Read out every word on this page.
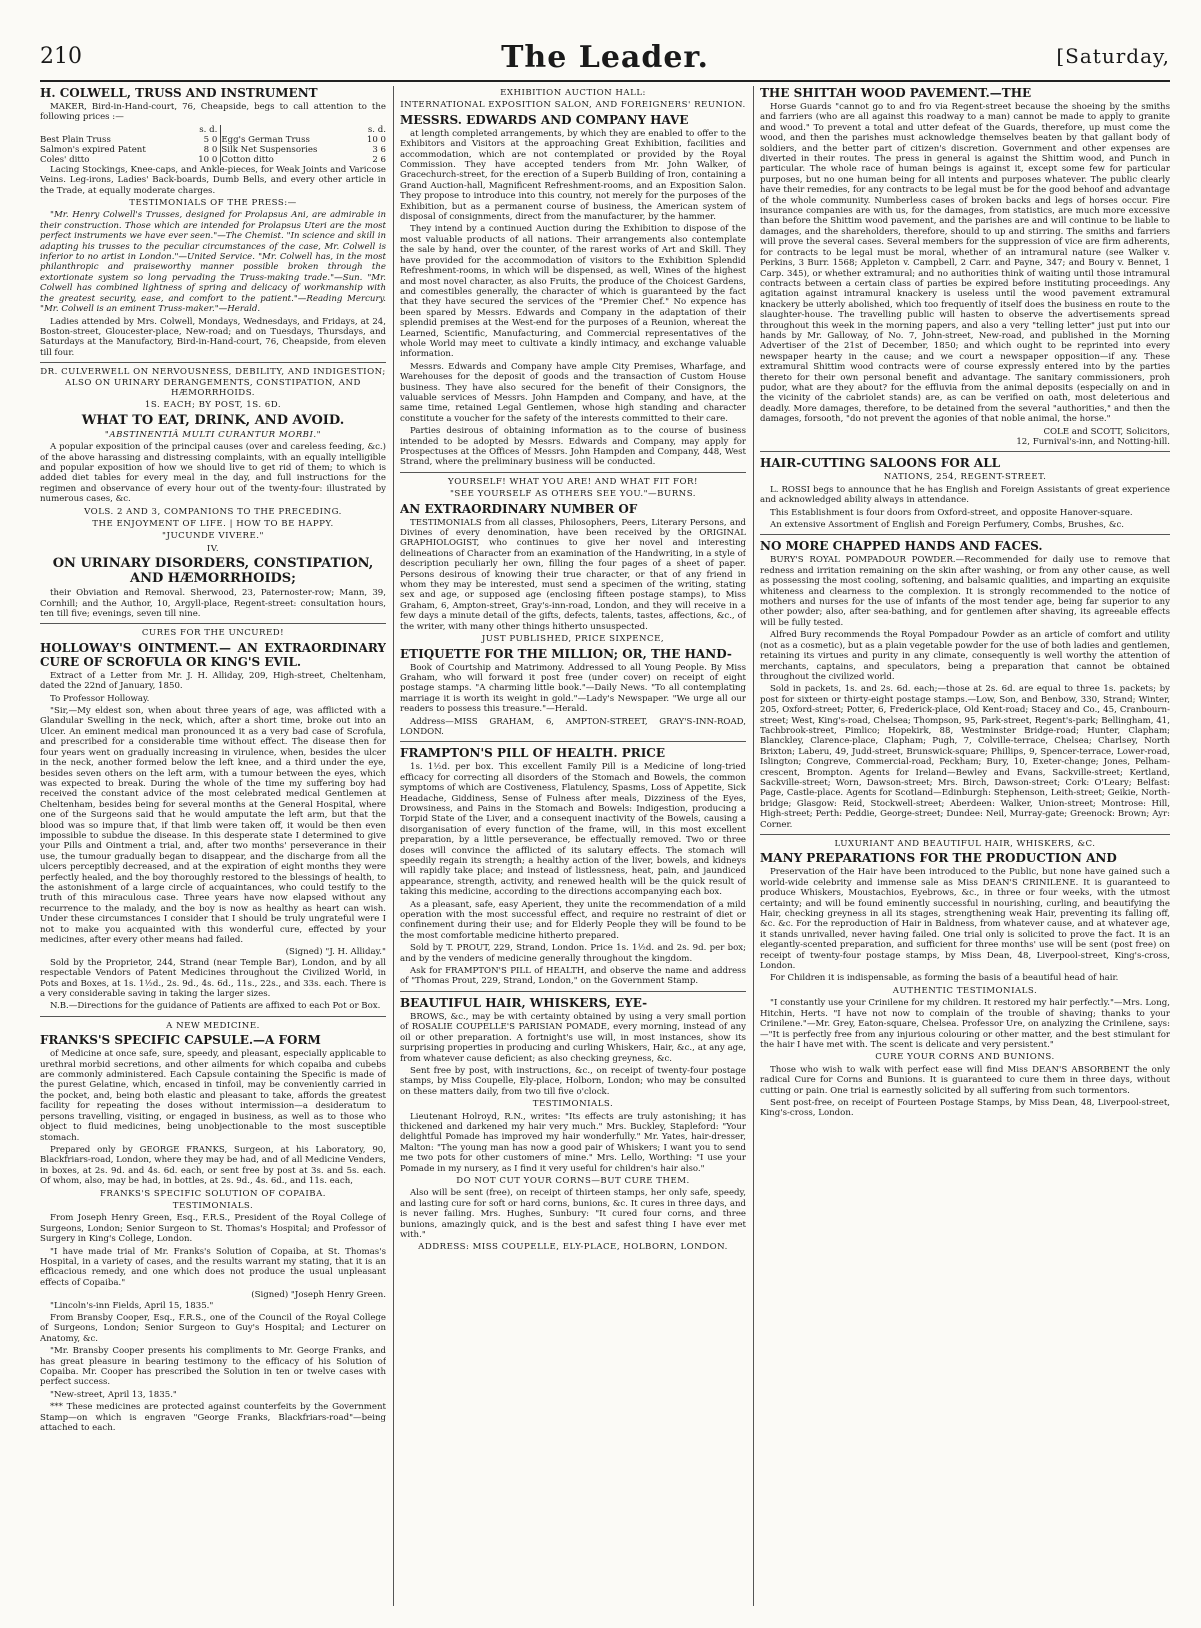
210	The Leader.	[Saturday,
H. COLWELL, TRUSS AND INSTRUMENT

MAKER, Bird-in-Hand-court, 76, Cheapside, begs to call attention to the following prices :—

	s. d.		s. d.
Best Plain Truss	5 0	Egg's German Truss	10 0
Salmon's expired Patent	8 0	Silk Net Suspensories	3 6
Coles' ditto	10 0	Cotton ditto	2 6

Lacing Stockings, Knee-caps, and Ankle-pieces, for Weak Joints and Varicose Veins. Leg-irons, Ladies' Back-boards, Dumb Bells, and every other article in the Trade, at equally moderate charges.

TESTIMONIALS OF THE PRESS:—

"Mr. Henry Colwell's Trusses, designed for Prolapsus Ani, are admirable in their construction. Those which are intended for Prolapsus Uteri are the most perfect instruments we have ever seen."—The Chemist. "In science and skill in adapting his trusses to the peculiar circumstances of the case, Mr. Colwell is inferior to no artist in London."—United Service. "Mr. Colwell has, in the most philanthropic and praiseworthy manner possible broken through the extortionate system so long pervading the Truss-making trade."—Sun. "Mr. Colwell has combined lightness of spring and delicacy of workmanship with the greatest security, ease, and comfort to the patient."—Reading Mercury. "Mr. Colwell is an eminent Truss-maker."—Herald.

Ladies attended by Mrs. Colwell, Mondays, Wednesdays, and Fridays, at 24, Boston-street, Gloucester-place, New-road; and on Tuesdays, Thursdays, and Saturdays at the Manufactory, Bird-in-Hand-court, 76, Cheapside, from eleven till four.

DR. CULVERWELL ON NERVOUSNESS, DEBILITY, AND INDIGESTION; ALSO ON URINARY DERANGEMENTS, CONSTIPATION, AND HÆMORRHOIDS.
1S. EACH; BY POST, 1S. 6D.
WHAT TO EAT, DRINK, AND AVOID.
"ABSTINENTIÂ MULTI CURANTUR MORBI."

A popular exposition of the principal causes (over and careless feeding, &c.) of the above harassing and distressing complaints, with an equally intelligible and popular exposition of how we should live to get rid of them; to which is added diet tables for every meal in the day, and full instructions for the regimen and observance of every hour out of the twenty-four: illustrated by numerous cases, &c.

VOLS. 2 AND 3, COMPANIONS TO THE PRECEDING.
THE ENJOYMENT OF LIFE. | HOW TO BE HAPPY.
"JUCUNDE VIVERE."
IV.
ON URINARY DISORDERS, CONSTIPATION, AND HÆMORRHOIDS;

their Obviation and Removal. Sherwood, 23, Paternoster-row; Mann, 39, Cornhill; and the Author, 10, Argyll-place, Regent-street: consultation hours, ten till five; evenings, seven till nine.

CURES FOR THE UNCURED!
HOLLOWAY'S OINTMENT.— AN EXTRAORDINARY CURE OF SCROFULA OR KING'S EVIL.

Extract of a Letter from Mr. J. H. Alliday, 209, High-street, Cheltenham, dated the 22nd of January, 1850.

To Professor Holloway.

"Sir,—My eldest son, when about three years of age, was afflicted with a Glandular Swelling in the neck, which, after a short time, broke out into an Ulcer. An eminent medical man pronounced it as a very bad case of Scrofula, and prescribed for a considerable time without effect. The disease then for four years went on gradually increasing in virulence, when, besides the ulcer in the neck, another formed below the left knee, and a third under the eye, besides seven others on the left arm, with a tumour between the eyes, which was expected to break. During the whole of the time my suffering boy had received the constant advice of the most celebrated medical Gentlemen at Cheltenham, besides being for several months at the General Hospital, where one of the Surgeons said that he would amputate the left arm, but that the blood was so impure that, if that limb were taken off, it would be then even impossible to subdue the disease. In this desperate state I determined to give your Pills and Ointment a trial, and, after two months' perseverance in their use, the tumour gradually began to disappear, and the discharge from all the ulcers perceptibly decreased, and at the expiration of eight months they were perfectly healed, and the boy thoroughly restored to the blessings of health, to the astonishment of a large circle of acquaintances, who could testify to the truth of this miraculous case. Three years have now elapsed without any recurrence to the malady, and the boy is now as healthy as heart can wish. Under these circumstances I consider that I should be truly ungrateful were I not to make you acquainted with this wonderful cure, effected by your medicines, after every other means had failed.

(Signed) "J. H. Alliday."

Sold by the Proprietor, 244, Strand (near Temple Bar), London, and by all respectable Vendors of Patent Medicines throughout the Civilized World, in Pots and Boxes, at 1s. 1½d., 2s. 9d., 4s. 6d., 11s., 22s., and 33s. each. There is a very considerable saving in taking the larger sizes.

N.B.—Directions for the guidance of Patients are affixed to each Pot or Box.

A NEW MEDICINE.
FRANKS'S SPECIFIC CAPSULE.—A FORM

of Medicine at once safe, sure, speedy, and pleasant, especially applicable to urethral morbid secretions, and other ailments for which copaiba and cubebs are commonly administered. Each Capsule containing the Specific is made of the purest Gelatine, which, encased in tinfoil, may be conveniently carried in the pocket, and, being both elastic and pleasant to take, affords the greatest facility for repeating the doses without intermission—a desideratum to persons travelling, visiting, or engaged in business, as well as to those who object to fluid medicines, being unobjectionable to the most susceptible stomach.

Prepared only by GEORGE FRANKS, Surgeon, at his Laboratory, 90, Blackfriars-road, London, where they may be had, and of all Medicine Venders, in boxes, at 2s. 9d. and 4s. 6d. each, or sent free by post at 3s. and 5s. each. Of whom, also, may be had, in bottles, at 2s. 9d., 4s. 6d., and 11s. each,

FRANKS'S SPECIFIC SOLUTION OF COPAIBA.
TESTIMONIALS.

From Joseph Henry Green, Esq., F.R.S., President of the Royal College of Surgeons, London; Senior Surgeon to St. Thomas's Hospital; and Professor of Surgery in King's College, London.

"I have made trial of Mr. Franks's Solution of Copaiba, at St. Thomas's Hospital, in a variety of cases, and the results warrant my stating, that it is an efficacious remedy, and one which does not produce the usual unpleasant effects of Copaiba."

(Signed) "Joseph Henry Green.

"Lincoln's-inn Fields, April 15, 1835."

From Bransby Cooper, Esq., F.R.S., one of the Council of the Royal College of Surgeons, London; Senior Surgeon to Guy's Hospital; and Lecturer on Anatomy, &c.

"Mr. Bransby Cooper presents his compliments to Mr. George Franks, and has great pleasure in bearing testimony to the efficacy of his Solution of Copaiba. Mr. Cooper has prescribed the Solution in ten or twelve cases with perfect success.

"New-street, April 13, 1835."

*** These medicines are protected against counterfeits by the Government Stamp—on which is engraven "George Franks, Blackfriars-road"—being attached to each.

EXHIBITION AUCTION HALL:
INTERNATIONAL EXPOSITION SALON, AND FOREIGNERS' REUNION.
MESSRS. EDWARDS AND COMPANY HAVE

at length completed arrangements, by which they are enabled to offer to the Exhibitors and Visitors at the approaching Great Exhibition, facilities and accommodation, which are not contemplated or provided by the Royal Commission. They have accepted tenders from Mr. John Walker, of Gracechurch-street, for the erection of a Superb Building of Iron, containing a Grand Auction-hall, Magnificent Refreshment-rooms, and an Exposition Salon. They propose to introduce into this country, not merely for the purposes of the Exhibition, but as a permanent course of business, the American system of disposal of consignments, direct from the manufacturer, by the hammer.

They intend by a continued Auction during the Exhibition to dispose of the most valuable products of all nations. Their arrangements also contemplate the sale by hand, over the counter, of the rarest works of Art and Skill. They have provided for the accommodation of visitors to the Exhibition Splendid Refreshment-rooms, in which will be dispensed, as well, Wines of the highest and most novel character, as also Fruits, the produce of the Choicest Gardens, and comestibles generally, the character of which is guaranteed by the fact that they have secured the services of the "Premier Chef." No expence has been spared by Messrs. Edwards and Company in the adaptation of their splendid premises at the West-end for the purposes of a Reunion, whereat the Learned, Scientific, Manufacturing, and Commercial representatives of the whole World may meet to cultivate a kindly intimacy, and exchange valuable information.

Messrs. Edwards and Company have ample City Premises, Wharfage, and Warehouses for the deposit of goods and the transaction of Custom House business. They have also secured for the benefit of their Consignors, the valuable services of Messrs. John Hampden and Company, and have, at the same time, retained Legal Gentlemen, whose high standing and character constitute a voucher for the safety of the interests committed to their care.

Parties desirous of obtaining information as to the course of business intended to be adopted by Messrs. Edwards and Company, may apply for Prospectuses at the Offices of Messrs. John Hampden and Company, 448, West Strand, where the preliminary business will be conducted.

YOURSELF! WHAT YOU ARE! AND WHAT FIT FOR!
"SEE YOURSELF AS OTHERS SEE YOU."—BURNS.
AN EXTRAORDINARY NUMBER OF

TESTIMONIALS from all classes, Philosophers, Peers, Literary Persons, and Divines of every denomination, have been received by the ORIGINAL GRAPHIOLOGIST, who continues to give her novel and interesting delineations of Character from an examination of the Handwriting, in a style of description peculiarly her own, filling the four pages of a sheet of paper. Persons desirous of knowing their true character, or that of any friend in whom they may be interested, must send a specimen of the writing, stating sex and age, or supposed age (enclosing fifteen postage stamps), to Miss Graham, 6, Ampton-street, Gray's-inn-road, London, and they will receive in a few days a minute detail of the gifts, defects, talents, tastes, affections, &c., of the writer, with many other things hitherto unsuspected.

JUST PUBLISHED, PRICE SIXPENCE,
ETIQUETTE FOR THE MILLION; OR, THE HAND-

Book of Courtship and Matrimony. Addressed to all Young People. By Miss Graham, who will forward it post free (under cover) on receipt of eight postage stamps. "A charming little book."—Daily News. "To all contemplating marriage it is worth its weight in gold."—Lady's Newspaper. "We urge all our readers to possess this treasure."—Herald.

Address—MISS GRAHAM, 6, AMPTON-STREET, GRAY'S-INN-ROAD, LONDON.

FRAMPTON'S PILL OF HEALTH. PRICE

1s. 1½d. per box. This excellent Family Pill is a Medicine of long-tried efficacy for correcting all disorders of the Stomach and Bowels, the common symptoms of which are Costiveness, Flatulency, Spasms, Loss of Appetite, Sick Headache, Giddiness, Sense of Fulness after meals, Dizziness of the Eyes, Drowsiness, and Pains in the Stomach and Bowels: Indigestion, producing a Torpid State of the Liver, and a consequent inactivity of the Bowels, causing a disorganisation of every function of the frame, will, in this most excellent preparation, by a little perseverance, be effectually removed. Two or three doses will convince the afflicted of its salutary effects. The stomach will speedily regain its strength; a healthy action of the liver, bowels, and kidneys will rapidly take place; and instead of listlessness, heat, pain, and jaundiced appearance, strength, activity, and renewed health will be the quick result of taking this medicine, according to the directions accompanying each box.

As a pleasant, safe, easy Aperient, they unite the recommendation of a mild operation with the most successful effect, and require no restraint of diet or confinement during their use; and for Elderly People they will be found to be the most comfortable medicine hitherto prepared.

Sold by T. PROUT, 229, Strand, London. Price 1s. 1½d. and 2s. 9d. per box; and by the venders of medicine generally throughout the kingdom.

Ask for FRAMPTON'S PILL of HEALTH, and observe the name and address of "Thomas Prout, 229, Strand, London," on the Government Stamp.

BEAUTIFUL HAIR, WHISKERS, EYE-

BROWS, &c., may be with certainty obtained by using a very small portion of ROSALIE COUPELLE'S PARISIAN POMADE, every morning, instead of any oil or other preparation. A fortnight's use will, in most instances, show its surprising properties in producing and curling Whiskers, Hair, &c., at any age, from whatever cause deficient; as also checking greyness, &c.

Sent free by post, with instructions, &c., on receipt of twenty-four postage stamps, by Miss Coupelle, Ely-place, Holborn, London; who may be consulted on these matters daily, from two till five o'clock.

TESTIMONIALS.

Lieutenant Holroyd, R.N., writes: "Its effects are truly astonishing; it has thickened and darkened my hair very much." Mrs. Buckley, Stapleford: "Your delightful Pomade has improved my hair wonderfully." Mr. Yates, hair-dresser, Malton: "The young man has now a good pair of Whiskers; I want you to send me two pots for other customers of mine." Mrs. Lello, Worthing: "I use your Pomade in my nursery, as I find it very useful for children's hair also."

DO NOT CUT YOUR CORNS—BUT CURE THEM.

Also will be sent (free), on receipt of thirteen stamps, her only safe, speedy, and lasting cure for soft or hard corns, bunions, &c. It cures in three days, and is never failing. Mrs. Hughes, Sunbury: "It cured four corns, and three bunions, amazingly quick, and is the best and safest thing I have ever met with."

ADDRESS: MISS COUPELLE, ELY-PLACE, HOLBORN, LONDON.
THE SHITTAH WOOD PAVEMENT.—THE

Horse Guards "cannot go to and fro via Regent-street because the shoeing by the smiths and farriers (who are all against this roadway to a man) cannot be made to apply to granite and wood." To prevent a total and utter defeat of the Guards, therefore, up must come the wood, and then the parishes must acknowledge themselves beaten by that gallant body of soldiers, and the better part of citizen's discretion. Government and other expenses are diverted in their routes. The press in general is against the Shittim wood, and Punch in particular. The whole race of human beings is against it, except some few for particular purposes, but no one human being for all intents and purposes whatever. The public clearly have their remedies, for any contracts to be legal must be for the good behoof and advantage of the whole community. Numberless cases of broken backs and legs of horses occur. Fire insurance companies are with us, for the damages, from statistics, are much more excessive than before the Shittim wood pavement, and the parishes are and will continue to be liable to damages, and the shareholders, therefore, should to up and stirring. The smiths and farriers will prove the several cases. Several members for the suppression of vice are firm adherents, for contracts to be legal must be moral, whether of an intramural nature (see Walker v. Perkins, 3 Burr. 1568; Appleton v. Campbell, 2 Carr. and Payne, 347; and Boury v. Bennet, 1 Carp. 345), or whether extramural; and no authorities think of waiting until those intramural contracts between a certain class of parties be expired before instituting proceedings. Any agitation against intramural knackery is useless until the wood pavement extramural knackery be utterly abolished, which too frequently of itself does the business en route to the slaughter-house. The travelling public will hasten to observe the advertisements spread throughout this week in the morning papers, and also a very "telling letter" just put into our hands by Mr. Galloway, of No. 7, John-street, New-road, and published in the Morning Advertiser of the 21st of December, 1850; and which ought to be reprinted into every newspaper hearty in the cause; and we court a newspaper opposition—if any. These extramural Shittim wood contracts were of course expressly entered into by the parties thereto for their own personal benefit and advantage. The sanitary commissioners, proh pudor, what are they about? for the effluvia from the animal deposits (especially on and in the vicinity of the cabriolet stands) are, as can be verified on oath, most deleterious and deadly. More damages, therefore, to be detained from the several "authorities," and then the damages, forsooth, "do not prevent the agonies of that noble animal, the horse."

COLE and SCOTT, Solicitors,
12, Furnival's-inn, and Notting-hill.
HAIR-CUTTING SALOONS FOR ALL
NATIONS, 254, REGENT-STREET.

L. ROSSI begs to announce that he has English and Foreign Assistants of great experience and acknowledged ability always in attendance.

This Establishment is four doors from Oxford-street, and opposite Hanover-square.

An extensive Assortment of English and Foreign Perfumery, Combs, Brushes, &c.

NO MORE CHAPPED HANDS AND FACES.

BURY'S ROYAL POMPADOUR POWDER.—Recommended for daily use to remove that redness and irritation remaining on the skin after washing, or from any other cause, as well as possessing the most cooling, softening, and balsamic qualities, and imparting an exquisite whiteness and clearness to the complexion. It is strongly recommended to the notice of mothers and nurses for the use of infants of the most tender age, being far superior to any other powder; also, after sea-bathing, and for gentlemen after shaving, its agreeable effects will be fully tested.

Alfred Bury recommends the Royal Pompadour Powder as an article of comfort and utility (not as a cosmetic), but as a plain vegetable powder for the use of both ladies and gentlemen, retaining its virtues and purity in any climate, consequently is well worthy the attention of merchants, captains, and speculators, being a preparation that cannot be obtained throughout the civilized world.

Sold in packets, 1s. and 2s. 6d. each;—those at 2s. 6d. are equal to three 1s. packets; by post for sixteen or thirty-eight postage stamps.—Low, Son, and Benbow, 330, Strand; Winter, 205, Oxford-street; Potter, 6, Frederick-place, Old Kent-road; Stacey and Co., 45, Cranbourn-street; West, King's-road, Chelsea; Thompson, 95, Park-street, Regent's-park; Bellingham, 41, Tachbrook-street, Pimlico; Hopekirk, 88, Westminster Bridge-road; Hunter, Clapham; Blanckley, Clarence-place, Clapham; Pugh, 7, Colville-terrace, Chelsea; Charlsey, North Brixton; Laberu, 49, Judd-street, Brunswick-square; Phillips, 9, Spencer-terrace, Lower-road, Islington; Congreve, Commercial-road, Peckham; Bury, 10, Exeter-change; Jones, Pelham-crescent, Brompton. Agents for Ireland—Bewley and Evans, Sackville-street; Kertland, Sackville-street; Worn, Dawson-street; Mrs. Birch, Dawson-street; Cork: O'Leary; Belfast: Page, Castle-place. Agents for Scotland—Edinburgh: Stephenson, Leith-street; Geikie, North-bridge; Glasgow: Reid, Stockwell-street; Aberdeen: Walker, Union-street; Montrose: Hill, High-street; Perth: Peddie, George-street; Dundee: Neil, Murray-gate; Greenock: Brown; Ayr: Corner.

LUXURIANT AND BEAUTIFUL HAIR, WHISKERS, &C.
MANY PREPARATIONS FOR THE PRODUCTION AND

Preservation of the Hair have been introduced to the Public, but none have gained such a world-wide celebrity and immense sale as Miss DEAN'S CRINILENE. It is guaranteed to produce Whiskers, Moustachios, Eyebrows, &c., in three or four weeks, with the utmost certainty; and will be found eminently successful in nourishing, curling, and beautifying the Hair, checking greyness in all its stages, strengthening weak Hair, preventing its falling off, &c. &c. For the reproduction of Hair in Baldness, from whatever cause, and at whatever age, it stands unrivalled, never having failed. One trial only is solicited to prove the fact. It is an elegantly-scented preparation, and sufficient for three months' use will be sent (post free) on receipt of twenty-four postage stamps, by Miss Dean, 48, Liverpool-street, King's-cross, London.

For Children it is indispensable, as forming the basis of a beautiful head of hair.

AUTHENTIC TESTIMONIALS.

"I constantly use your Crinilene for my children. It restored my hair perfectly."—Mrs. Long, Hitchin, Herts. "I have not now to complain of the trouble of shaving; thanks to your Crinilene."—Mr. Grey, Eaton-square, Chelsea. Professor Ure, on analyzing the Crinilene, says:—"It is perfectly free from any injurious colouring or other matter, and the best stimulant for the hair I have met with. The scent is delicate and very persistent."

CURE YOUR CORNS AND BUNIONS.

Those who wish to walk with perfect ease will find Miss DEAN'S ABSORBENT the only radical Cure for Corns and Bunions. It is guaranteed to cure them in three days, without cutting or pain. One trial is earnestly solicited by all suffering from such tormentors.

Sent post-free, on receipt of Fourteen Postage Stamps, by Miss Dean, 48, Liverpool-street, King's-cross, London.
